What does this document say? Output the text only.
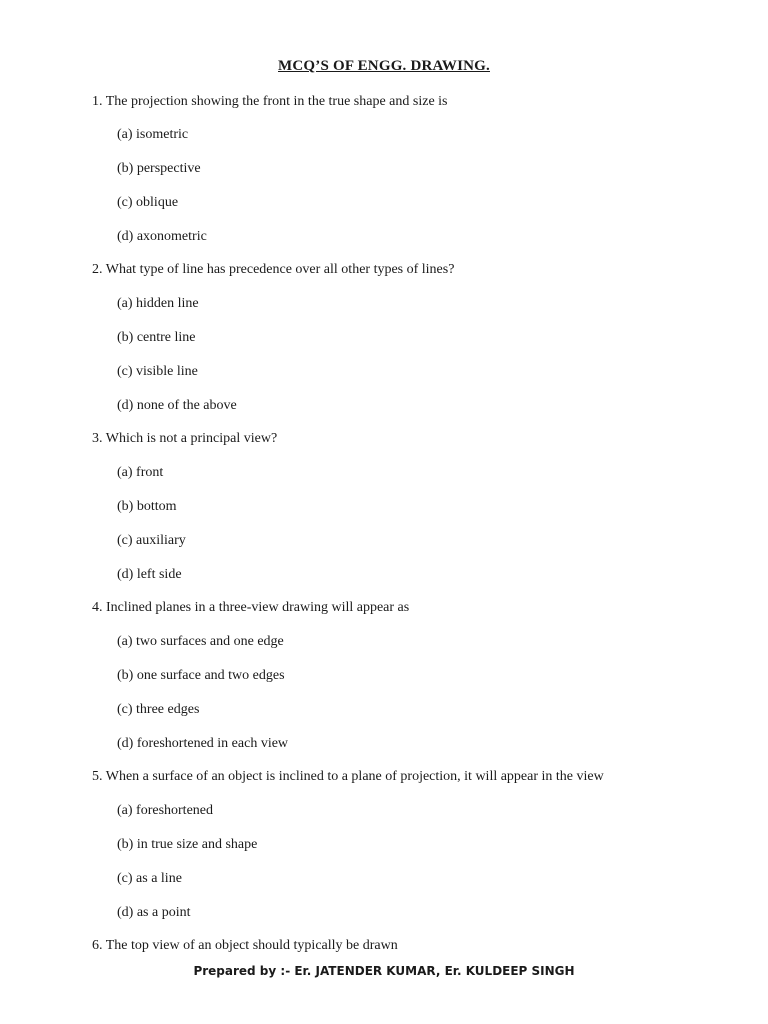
MCQ’S OF ENGG. DRAWING.
1. The projection showing the front in the true shape and size is
(a) isometric
(b) perspective
(c) oblique
(d) axonometric
2. What type of line has precedence over all other types of lines?
(a) hidden line
(b) centre line
(c) visible line
(d) none of the above
3. Which is not a principal view?
(a) front
(b) bottom
(c) auxiliary
(d) left side
4. Inclined planes in a three-view drawing will appear as
(a) two surfaces and one edge
(b) one surface and two edges
(c) three edges
(d) foreshortened in each view
5. When a surface of an object is inclined to a plane of projection, it will appear in the view
(a) foreshortened
(b) in true size and shape
(c) as a line
(d) as a point
6. The top view of an object should typically be drawn
Prepared by :- Er. JATENDER KUMAR, Er. KULDEEP SINGH
